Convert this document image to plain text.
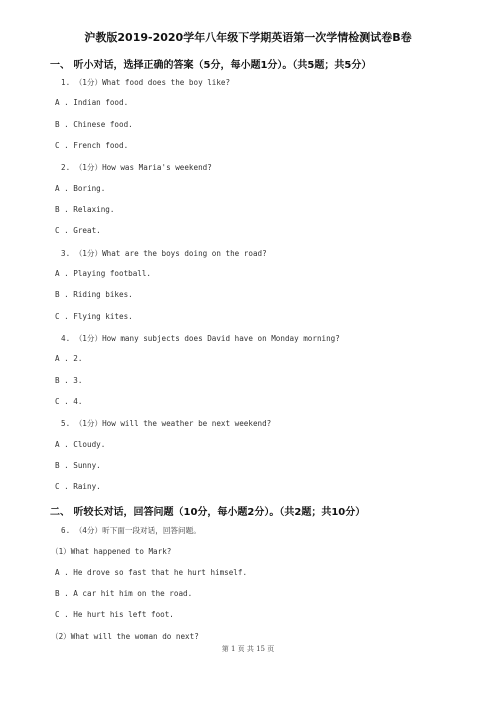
沪教版2019-2020学年八年级下学期英语第一次学情检测试卷B卷
一、 听小对话，选择正确的答案（5分，每小题1分）。（共5题；共5分）
1. （1分）What food does the boy like?
A . Indian food.
B . Chinese food.
C . French food.
2. （1分）How was Maria's weekend?
A . Boring.
B . Relaxing.
C . Great.
3. （1分）What are the boys doing on the road?
A . Playing football.
B . Riding bikes.
C . Flying kites.
4. （1分）How many subjects does David have on Monday morning?
A . 2.
B . 3.
C . 4.
5. （1分）How will the weather be next weekend?
A . Cloudy.
B . Sunny.
C . Rainy.
二、 听较长对话，回答问题（10分，每小题2分）。（共2题；共10分）
6. （4分）听下面一段对话，回答问题。
（1）What happened to Mark?
A . He drove so fast that he hurt himself.
B . A car hit him on the road.
C . He hurt his left foot.
（2）What will the woman do next?
第 1 页 共 15 页
